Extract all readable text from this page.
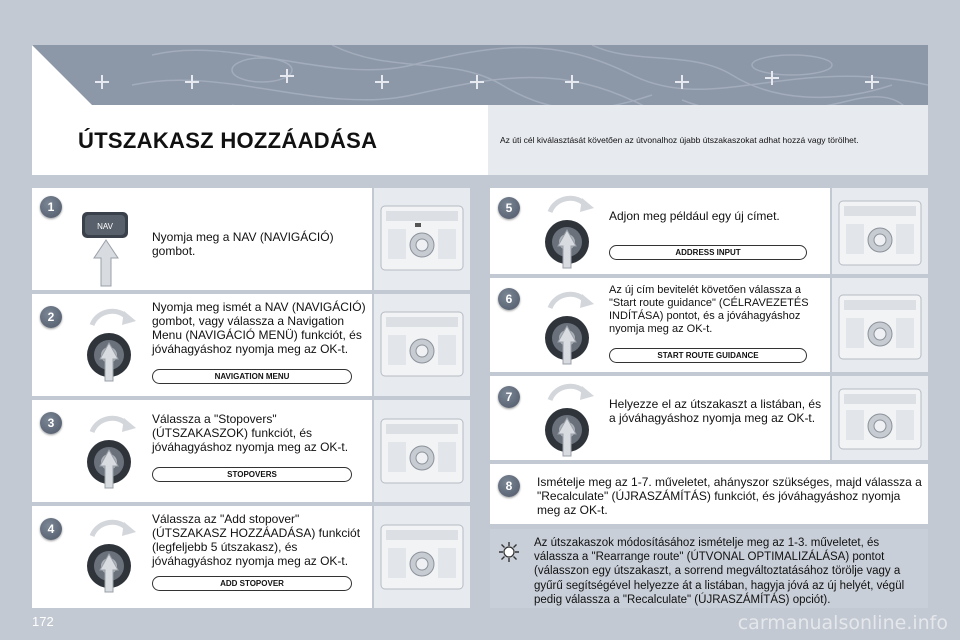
ÚTSZAKASZ HOZZÁADÁSA	Az úti cél kiválasztását követően az útvonalhoz újabb útszakaszokat adhat hozzá vagy törölhet.
1
NAV
Nyomja meg a NAV (NAVIGÁCIÓ) gombot.
2
Nyomja meg ismét a NAV (NAVIGÁCIÓ) gombot, vagy válassza a Navigation Menu (NAVIGÁCIÓ MENÜ) funkciót, és jóváhagyáshoz nyomja meg az OK-t.
NAVIGATION MENU
3	Válassza a "Stopovers" (ÚTSZAKASZOK) funkciót, és jóváhagyáshoz nyomja meg az OK-t.
STOPOVERS
4
Válassza az "Add stopover" (ÚTSZAKASZ HOZZÁADÁSA) funkciót (legfeljebb 5 útszakasz), és jóváhagyáshoz nyomja meg az OK-t.
ADD STOPOVER
5
Adjon meg például egy új címet.
ADDRESS INPUT
6
Az új cím bevitelét követően válassza a "Start route guidance" (CÉLRAVEZETÉS INDÍTÁSA) pontot, és a jóváhagyáshoz nyomja meg az OK-t.
START ROUTE GUIDANCE
7	Helyezze el az útszakaszt a listában, és a jóváhagyáshoz nyomja meg az OK-t.
8	Ismételje meg az 1-7. műveletet, ahányszor szükséges, majd válassza a "Recalculate" (ÚJRASZÁMÍTÁS) funkciót, és jóváhagyáshoz nyomja meg az OK-t.
Az útszakaszok módosításához ismételje meg az 1-3. műveletet, és válassza a "Rearrange route" (ÚTVONAL OPTIMALIZÁLÁSA) pontot (válasszon egy útszakaszt, a sorrend megváltoztatásához törölje vagy a gyűrű segítségével helyezze át a listában, hagyja jóvá az új helyét, végül pedig válassza a "Recalculate" (ÚJRASZÁMÍTÁS) opciót).
172	carmanualsonline.info
